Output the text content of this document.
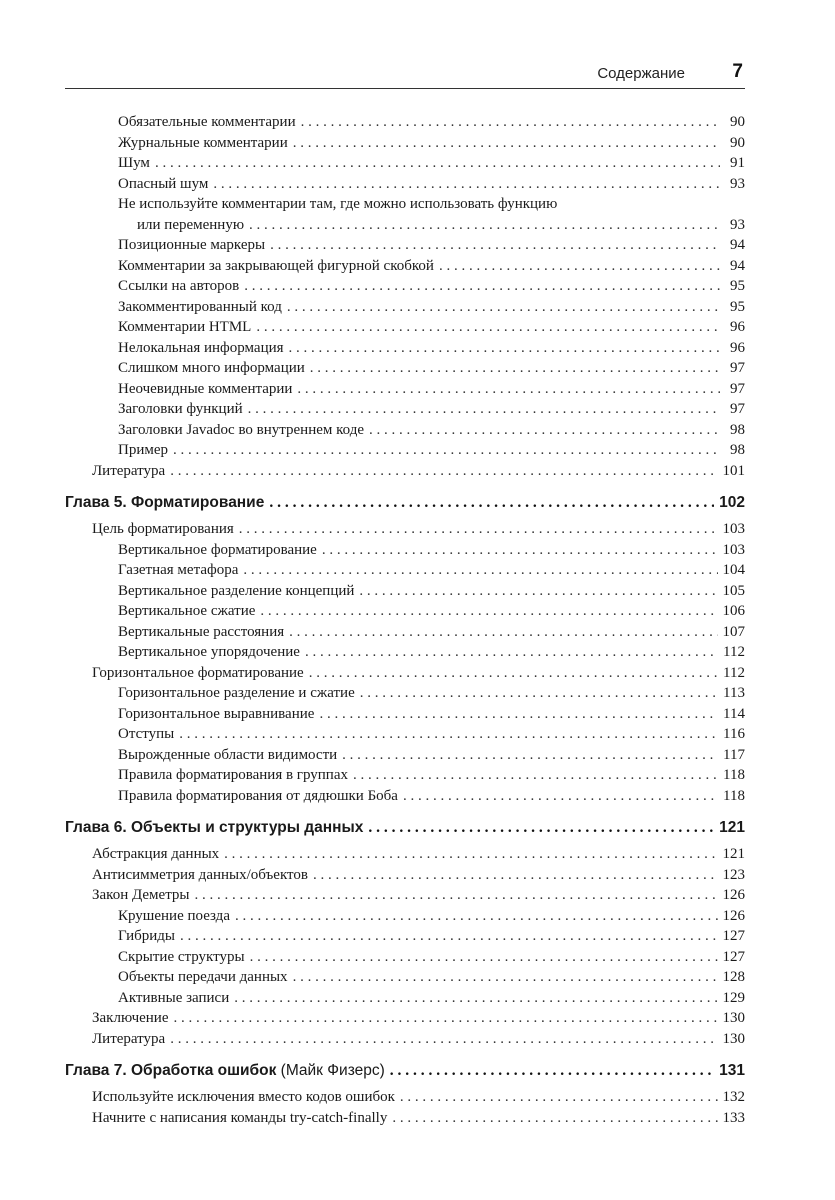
Содержание 7
Обязательные комментарии . . .	90
Журнальные комментарии . . .	90
Шум . . .	91
Опасный шум . . .	93
Не используйте комментарии там, где можно использовать функцию
или переменную . . .	93
Позиционные маркеры . . .	94
Комментарии за закрывающей фигурной скобкой . . .	94
Ссылки на авторов . . .	95
Закомментированный код . . .	95
Комментарии HTML . . .	96
Нелокальная информация . . .	96
Слишком много информации . . .	97
Неочевидные комментарии . . .	97
Заголовки функций . . .	97
Заголовки Javadoc во внутреннем коде . . .	98
Пример . . .	98
Литература . . .	101
Глава 5. Форматирование . . .	102
Цель форматирования . . .	103
Вертикальное форматирование . . .	103
Газетная метафора . . .	104
Вертикальное разделение концепций . . .	105
Вертикальное сжатие . . .	106
Вертикальные расстояния . . .	107
Вертикальное упорядочение . . .	112
Горизонтальное форматирование . . .	112
Горизонтальное разделение и сжатие . . .	113
Горизонтальное выравнивание . . .	114
Отступы . . .	116
Вырожденные области видимости . . .	117
Правила форматирования в группах . . .	118
Правила форматирования от дядюшки Боба . . .	118
Глава 6. Объекты и структуры данных . . .	121
Абстракция данных . . .	121
Антисимметрия данных/объектов . . .	123
Закон Деметры . . .	126
Крушение поезда . . .	126
Гибриды . . .	127
Скрытие структуры . . .	127
Объекты передачи данных . . .	128
Активные записи . . .	129
Заключение . . .	130
Литература . . .	130
Глава 7. Обработка ошибок (Майк Физерс) . . .	131
Используйте исключения вместо кодов ошибок . . .	132
Начните с написания команды try-catch-finally . . .	133
